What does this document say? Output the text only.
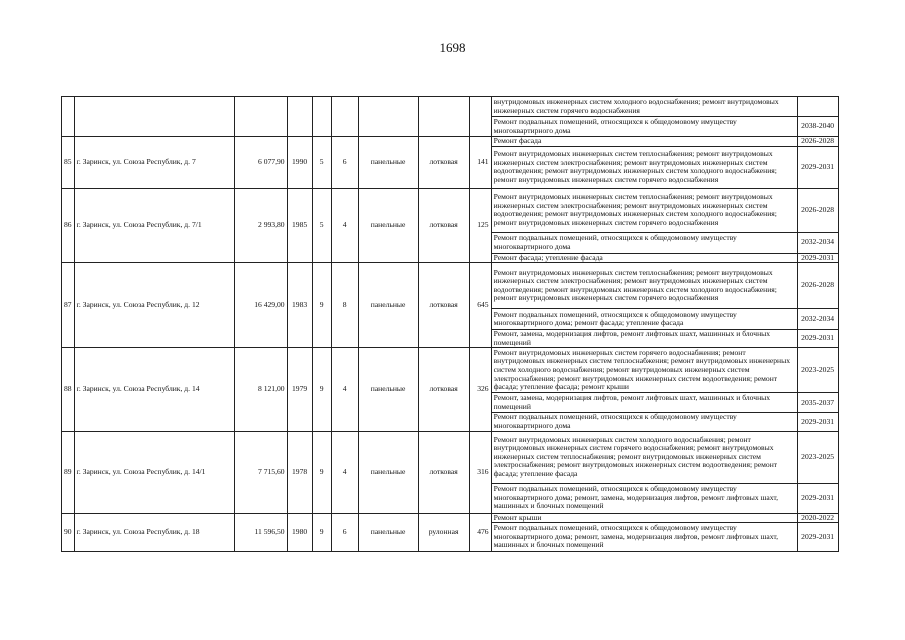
1698
									внутридомовых инженерных систем холодного водоснабжения; ремонт внутридомовых инженерных систем горячего водоснабжения	
									Ремонт подвальных помещений, относящихся к общедомовому имуществу многоквартирного дома	2038-2040
85	г. Заринск, ул. Союза Республик, д. 7	6 077,90	1990	5	6	панельные	лотковая	141	Ремонт фасада	2026-2028
									Ремонт внутридомовых инженерных систем теплоснабжения; ремонт внутридомовых инженерных систем электроснабжения; ремонт внутридомовых инженерных систем водоотведения; ремонт внутридомовых инженерных систем холодного водоснабжения; ремонт внутридомовых инженерных систем горячего водоснабжения	2029-2031
86	г. Заринск, ул. Союза Республик, д. 7/1	2 993,80	1985	5	4	панельные	лотковая	125	Ремонт внутридомовых инженерных систем теплоснабжения; ремонт внутридомовых инженерных систем электроснабжения; ремонт внутридомовых инженерных систем водоотведения; ремонт внутридомовых инженерных систем холодного водоснабжения; ремонт внутридомовых инженерных систем горячего водоснабжения	2026-2028
									Ремонт подвальных помещений, относящихся к общедомовому имуществу многоквартирного дома	2032-2034
									Ремонт фасада; утепление фасада	2029-2031
87	г. Заринск, ул. Союза Республик, д. 12	16 429,00	1983	9	8	панельные	лотковая	645	Ремонт внутридомовых инженерных систем теплоснабжения; ремонт внутридомовых инженерных систем электроснабжения; ремонт внутридомовых инженерных систем водоотведения; ремонт внутридомовых инженерных систем холодного водоснабжения; ремонт внутридомовых инженерных систем горячего водоснабжения	2026-2028
									Ремонт подвальных помещений, относящихся к общедомовому имуществу многоквартирного дома; ремонт фасада; утепление фасада	2032-2034
									Ремонт, замена, модернизация лифтов, ремонт лифтовых шахт, машинных и блочных помещений	2029-2031
88	г. Заринск, ул. Союза Республик, д. 14	8 121,00	1979	9	4	панельные	лотковая	326	Ремонт внутридомовых инженерных систем горячего водоснабжения; ремонт внутридомовых инженерных систем теплоснабжения; ремонт внутридомовых инженерных систем холодного водоснабжения; ремонт внутридомовых инженерных систем электроснабжения; ремонт внутридомовых инженерных систем водоотведения; ремонт фасада; утепление фасада; ремонт крыши	2023-2025
									Ремонт, замена, модернизация лифтов, ремонт лифтовых шахт, машинных и блочных помещений	2035-2037
									Ремонт подвальных помещений, относящихся к общедомовому имуществу многоквартирного дома	2029-2031
89	г. Заринск, ул. Союза Республик, д. 14/1	7 715,60	1978	9	4	панельные	лотковая	316	Ремонт внутридомовых инженерных систем холодного водоснабжения; ремонт внутридомовых инженерных систем горячего водоснабжения; ремонт внутридомовых инженерных систем теплоснабжения; ремонт внутридомовых инженерных систем электроснабжения; ремонт внутридомовых инженерных систем водоотведения; ремонт фасада; утепление фасада	2023-2025
									Ремонт подвальных помещений, относящихся к общедомовому имуществу многоквартирного дома; ремонт, замена, модернизация лифтов, ремонт лифтовых шахт, машинных и блочных помещений	2029-2031
90	г. Заринск, ул. Союза Республик, д. 18	11 596,50	1980	9	6	панельные	рулонная	476	Ремонт крыши	2020-2022
									Ремонт подвальных помещений, относящихся к общедомовому имуществу многоквартирного дома; ремонт, замена, модернизация лифтов, ремонт лифтовых шахт, машинных и блочных помещений	2029-2031
